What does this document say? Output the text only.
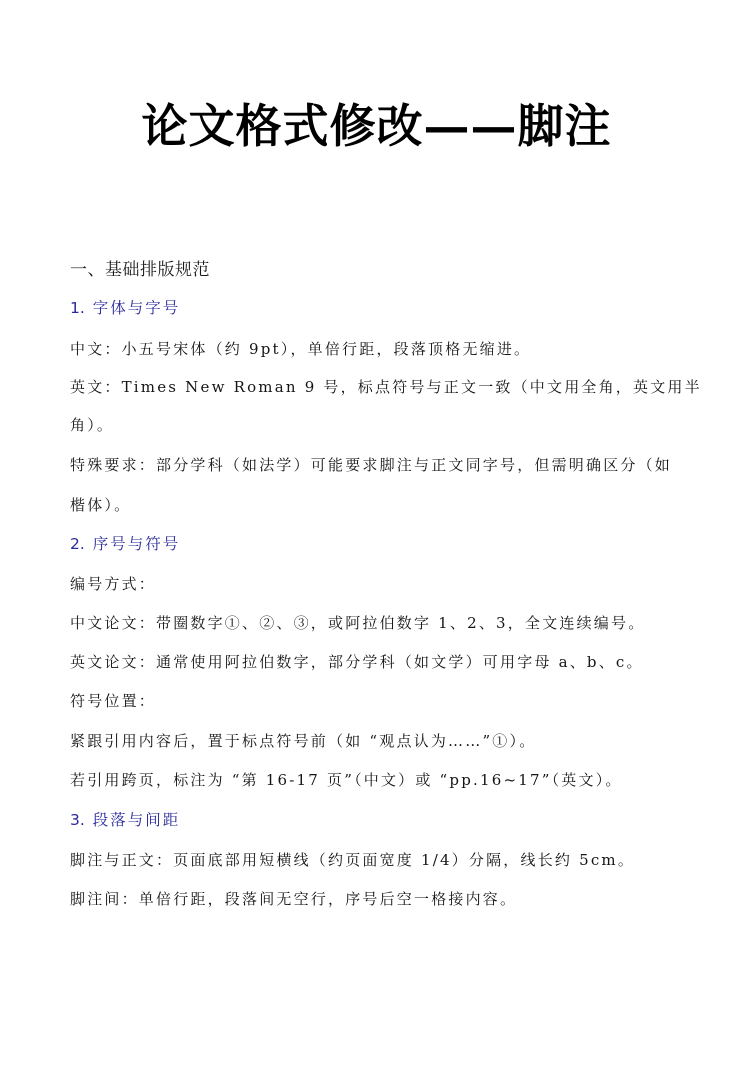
论文格式修改——脚注
一、基础排版规范
1. 字体与字号
中文：小五号宋体（约 9pt），单倍行距，段落顶格无缩进。
英文：Times New Roman 9 号，标点符号与正文一致（中文用全角，英文用半
角）。
特殊要求：部分学科（如法学）可能要求脚注与正文同字号，但需明确区分（如
楷体）。
2. 序号与符号
编号方式：
中文论文：带圈数字①、②、③，或阿拉伯数字 1、2、3，全文连续编号。
英文论文：通常使用阿拉伯数字，部分学科（如文学）可用字母 a、b、c。
符号位置：
紧跟引用内容后，置于标点符号前（如 “观点认为……”①）。
若引用跨页，标注为 “第 16-17 页”（中文）或 “pp.16~17”（英文）。
3. 段落与间距
脚注与正文：页面底部用短横线（约页面宽度 1/4）分隔，线长约 5cm。
脚注间：单倍行距，段落间无空行，序号后空一格接内容。
